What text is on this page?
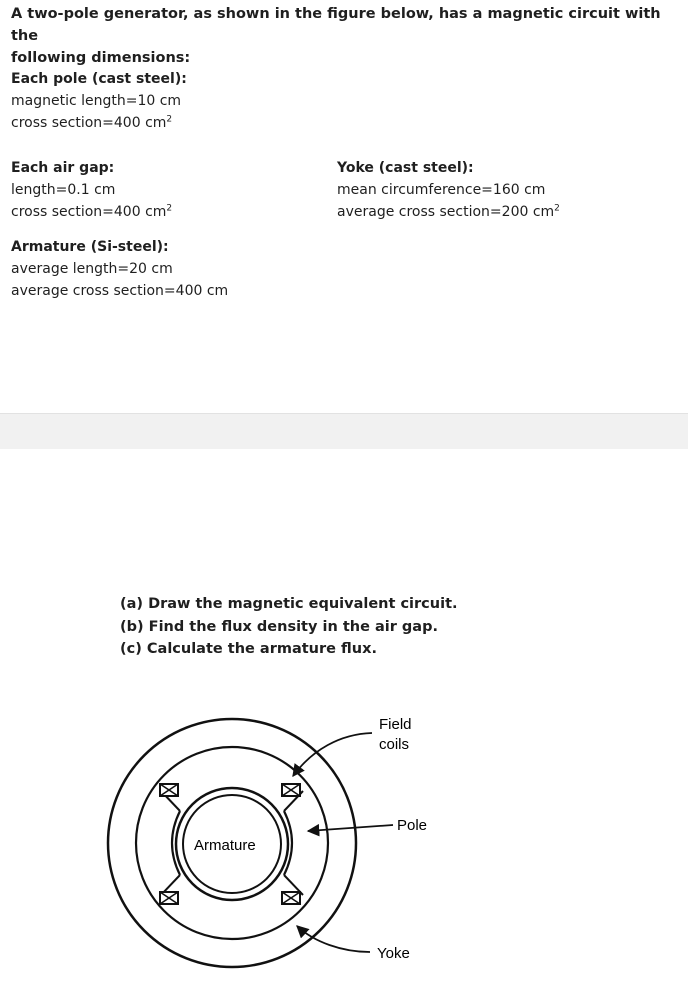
A two-pole generator, as shown in the figure below, has a magnetic circuit with the
following dimensions:
Each pole (cast steel):
magnetic length=10 cm
cross section=400 $cm^2$
Each air gap:
length=0.1 cm
cross section=400 $cm^2$
Yoke (cast steel):
mean circumference=160 cm
average cross section=200 $cm^2$
Armature (Si-steel):
average length=20 cm
average cross section=400 cm
(a) Draw the magnetic equivalent circuit.
(b) Find the flux density in the air gap.
(c) Calculate the armature flux.
Armature
Field
coils
Pole
Yoke
